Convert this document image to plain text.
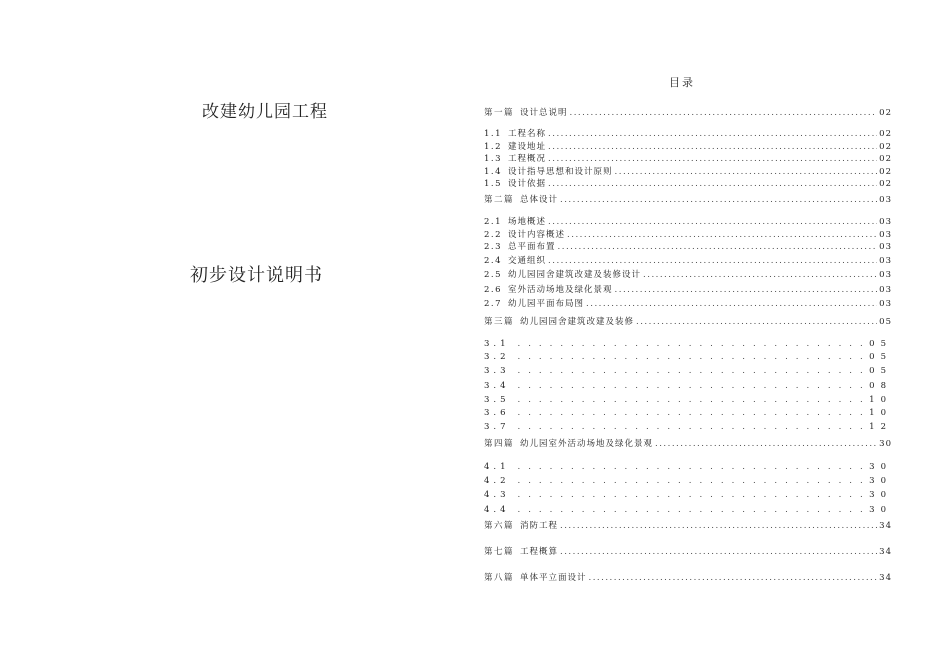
改建幼儿园工程
初步设计说明书
目录
第一篇 设计总说明 .....	02
1.1 工程名称 .....	02
1.2 建设地址 .....	02
1.3 工程概况 .....	02
1.4 设计指导思想和设计原则 .....	02
1.5 设计依据 .....	02
第二篇 总体设计 .....	03
2.1 场地概述 .....	03
2.2 设计内容概述 .....	03
2.3 总平面布置 .....	03
2.4 交通组织 .....	03
2.5 幼儿园园舍建筑改建及装修设计 .....	03
2.6 室外活动场地及绿化景观 .....	03
2.7 幼儿园平面布局图 .....	03
第三篇 幼儿园园舍建筑改建及装修 .....	05
3.1 .....	05
3.2 .....	05
3.3 .....	05
3.4 .....	08
3.5 .....	10
3.6 .....	10
3.7 .....	12
第四篇 幼儿园室外活动场地及绿化景观 .....	30
4.1 .....	30
4.2 .....	30
4.3 .....	30
4.4 .....	30
第六篇 消防工程 .....	34
第七篇 工程概算 .....	34
第八篇 单体平立面设计 .....	34
